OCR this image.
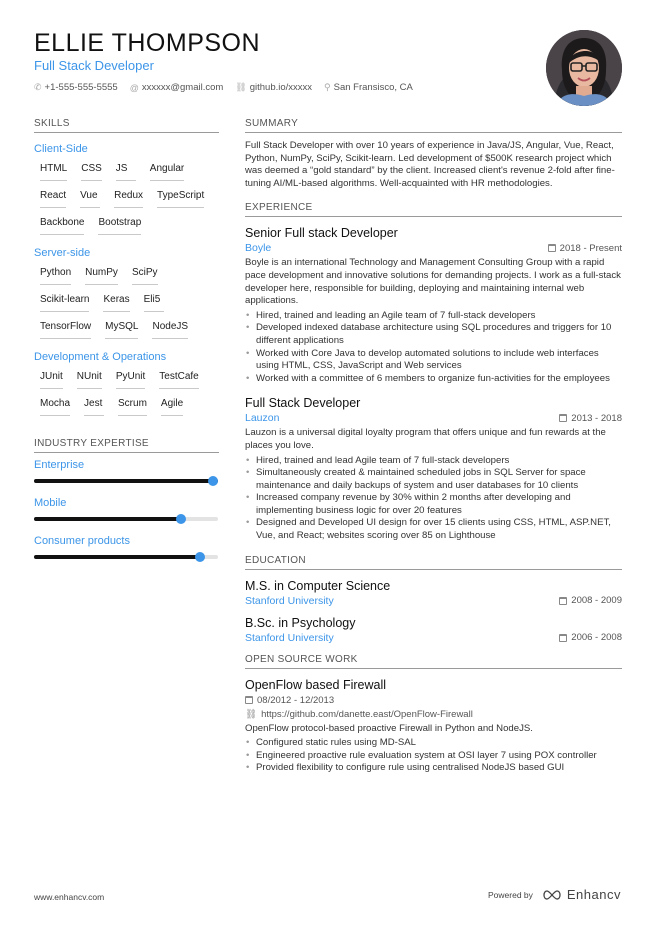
ELLIE THOMPSON
Full Stack Developer
✆ +1-555-555-5555 @ xxxxxx@gmail.com ⛓ github.io/xxxxx ⚲ San Fransisco, CA
SKILLS
Client-Side
HTML CSS JS	Angular
React Vue Redux TypeScript
Backbone Bootstrap
Server-side
Python NumPy SciPy
Scikit-learn Keras Eli5
TensorFlow MySQL NodeJS
Development & Operations
JUnit NUnit PyUnit TestCafe
Mocha Jest Scrum Agile
INDUSTRY EXPERTISE
Enterprise
Mobile
Consumer products
SUMMARY
Full Stack Developer with over 10 years of experience in Java/JS, Angular, Vue, React, Python, NumPy, SciPy, Scikit-learn. Led development of $500K research project which was deemed a “gold standard” by the client. Increased client's revenue 2-fold after fine-tuning AI/ML-based algorithms. Well-acquainted with HR methodologies.
EXPERIENCE
Senior Full stack Developer
Boyle	2018 - Present
Boyle is an international Technology and Management Consulting Group with a rapid pace development and innovative solutions for demanding projects. I work as a full-stack developer here, responsible for building, deploying and maintaining internal web applications.
• Hired, trained and leading an Agile team of 7 full-stack developers
• Developed indexed database architecture using SQL procedures and triggers for 10 different applications
• Worked with Core Java to develop automated solutions to include web interfaces using HTML, CSS, JavaScript and Web services
• Worked with a committee of 6 members to organize fun-activities for the employees
Full Stack Developer
Lauzon	2013 - 2018
Lauzon is a universal digital loyalty program that offers unique and fun rewards at the places you love.
• Hired, trained and lead Agile team of 7 full-stack developers
• Simultaneously created & maintained scheduled jobs in SQL Server for space maintenance and daily backups of system and user databases for 10 clients
• Increased company revenue by 30% within 2 months after developing and implementing business logic for over 20 features
• Designed and Developed UI design for over 15 clients using CSS, HTML, ASP.NET, Vue, and React; websites scoring over 85 on Lighthouse
EDUCATION
M.S. in Computer Science
Stanford University	2008 - 2009
B.Sc. in Psychology
Stanford University	2006 - 2008
OPEN SOURCE WORK
OpenFlow based Firewall
08/2012 - 12/2013
⛓ https://github.com/danette.east/OpenFlow-Firewall
OpenFlow protocol-based proactive Firewall in Python and NodeJS.
• Configured static rules using MD-SAL
• Engineered proactive rule evaluation system at OSI layer 7 using POX controller
• Provided flexibility to configure rule using centralised NodeJS based GUI
www.enhancv.com	Powered by	Enhancv
